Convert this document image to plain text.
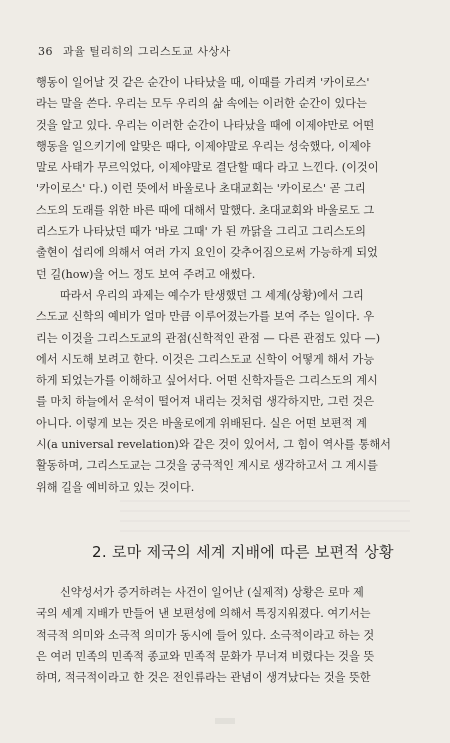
36 과율 틸리히의 그리스도교 사상사
행동이 일어날 것 같은 순간이 나타났을 때, 이때를 가리켜 '카이로스'
라는 말을 쓴다. 우리는 모두 우리의 삶 속에는 이러한 순간이 있다는
것을 알고 있다. 우리는 이러한 순간이 나타났을 때에 이제야만로 어떤
행동을 일으키기에 알맞은 때다, 이제야말로 우리는 성숙했다, 이제야
말로 사태가 무르익었다, 이제야말로 결단할 때다 라고 느낀다. (이것이
'카이로스' 다.) 이런 뜻에서 바울로나 초대교회는 '카이로스' 곧 그리
스도의 도래를 위한 바른 때에 대해서 말했다. 초대교회와 바울로도 그
리스도가 나타났던 때가 '바로 그때' 가 된 까닭을 그리고 그리스도의
출현이 섭리에 의해서 여러 가지 요인이 갖추어짐으로써 가능하게 되었
던 길(how)을 어느 정도 보여 주려고 애썼다.
따라서 우리의 과제는 예수가 탄생했던 그 세계(상황)에서 그리
스도교 신학의 예비가 얼마 만큼 이루어졌는가를 보여 주는 일이다. 우
리는 이것을 그리스도교의 관점(신학적인 관점 — 다른 관점도 있다 —)
에서 시도해 보려고 한다. 이것은 그리스도교 신학이 어떻게 해서 가능
하게 되었는가를 이해하고 싶어서다. 어떤 신학자들은 그리스도의 계시
를 마치 하늘에서 운석이 떨어져 내리는 것처럼 생각하지만, 그런 것은
아니다. 이렇게 보는 것은 바울로에게 위배된다. 실은 어떤 보편적 계
시(a universal revelation)와 같은 것이 있어서, 그 힘이 역사를 통해서
활동하며, 그리스도교는 그것을 궁극적인 계시로 생각하고서 그 계시를
위해 길을 예비하고 있는 것이다.
2. 로마 제국의 세계 지배에 따른 보편적 상황
신약성서가 증거하려는 사건이 일어난 (실제적) 상황은 로마 제
국의 세계 지배가 만들어 낸 보편성에 의해서 특징지워졌다. 여기서는
적극적 의미와 소극적 의미가 동시에 들어 있다. 소극적이라고 하는 것
은 여러 민족의 민족적 종교와 민족적 문화가 무너져 비렸다는 것을 뜻
하며, 적극적이라고 한 것은 전인류라는 관념이 생겨났다는 것을 뜻한
